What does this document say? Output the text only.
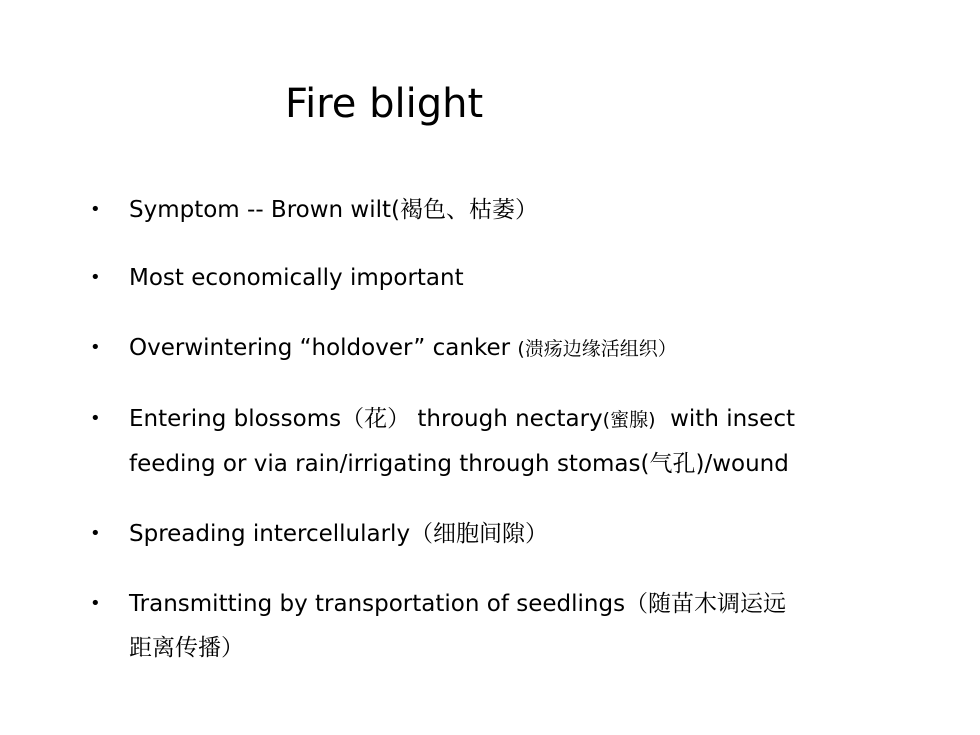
Fire blight
• Symptom -- Brown wilt(褐色、枯萎）
• Most economically important
• Overwintering “holdover” canker (溃疡边缘活组织）
• Entering blossoms（花） through nectary(蜜腺)  with insect
feeding or via rain/irrigating through stomas(气孔)/wound
• Spreading intercellularly（细胞间隙）
• Transmitting by transportation of seedlings（随苗木调运远
距离传播）
